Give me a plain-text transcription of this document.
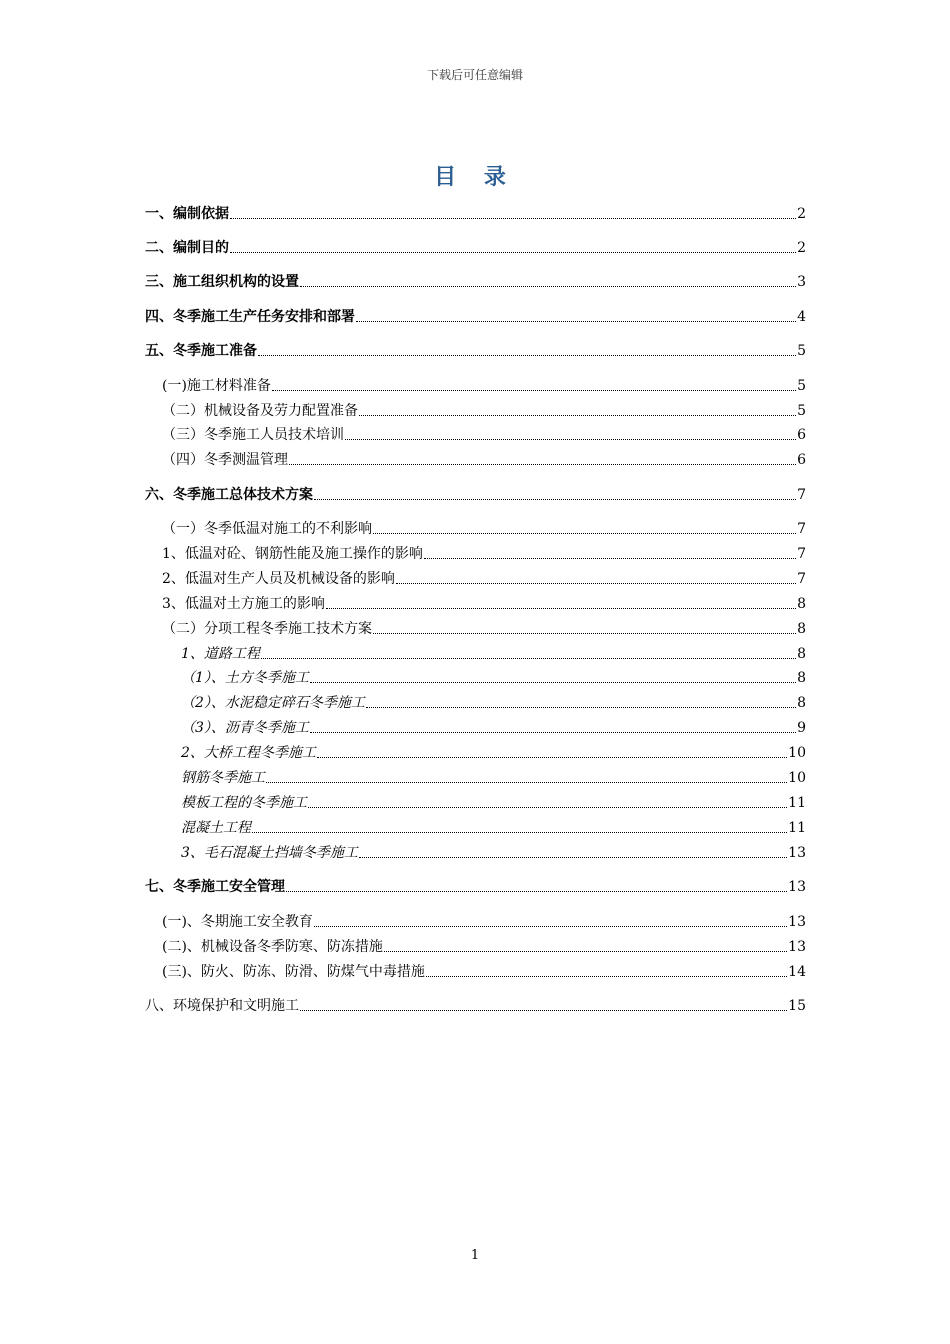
下载后可任意编辑
目 录
一、编制依据	2
二、编制目的	2
三、施工组织机构的设置	3
四、冬季施工生产任务安排和部署	4
五、冬季施工准备	5
(一)施工材料准备	5
（二）机械设备及劳力配置准备	5
（三）冬季施工人员技术培训	6
（四）冬季测温管理	6
六、冬季施工总体技术方案	7
（一）冬季低温对施工的不利影响	7
1、低温对砼、钢筋性能及施工操作的影响	7
2、低温对生产人员及机械设备的影响	7
3、低温对土方施工的影响	8
（二）分项工程冬季施工技术方案	8
1、道路工程	8
（1）、土方冬季施工	8
（2）、水泥稳定碎石冬季施工	8
（3）、沥青冬季施工	9
2、大桥工程冬季施工	10
钢筋冬季施工	10
模板工程的冬季施工	11
混凝土工程	11
3、毛石混凝土挡墙冬季施工	13
七、冬季施工安全管理	13
(一)、冬期施工安全教育	13
(二)、机械设备冬季防寒、防冻措施	13
(三)、防火、防冻、防滑、防煤气中毒措施	14
八、环境保护和文明施工	15
1
